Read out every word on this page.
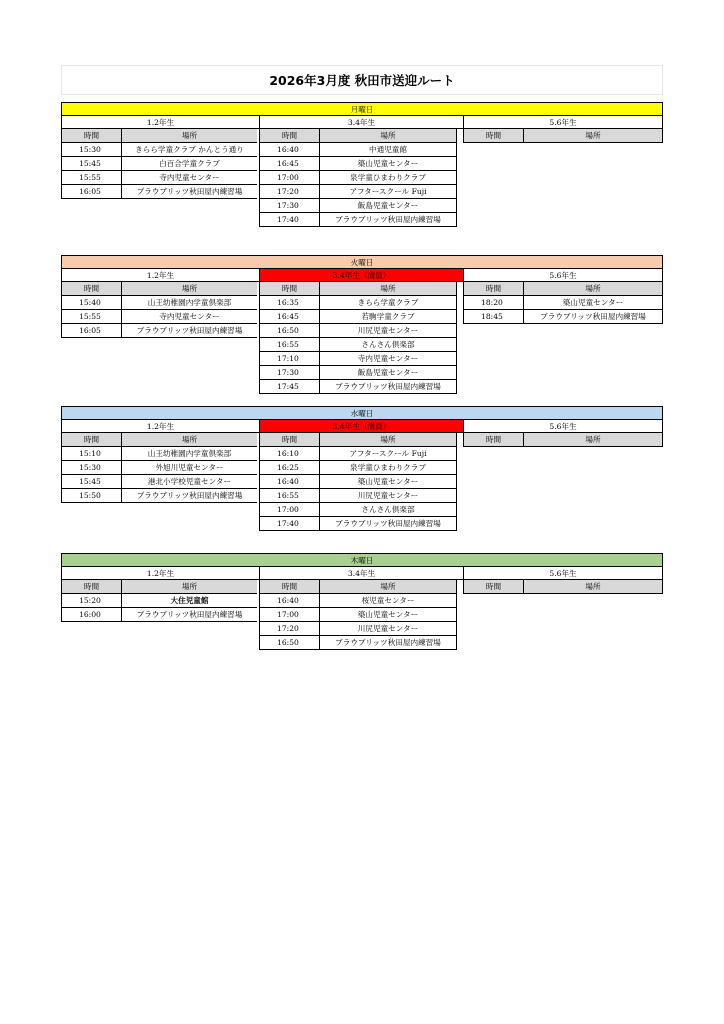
2026年3月度 秋田市送迎ルート
月曜日
1.2年生	3.4年生	5.6年生
時間	場所
15:30	きらら学童クラブ かんとう通り
15:45	白百合学童クラブ
15:55	寺内児童センター
16:05	ブラウブリッツ秋田屋内練習場
時間	場所
16:40	中通児童館
16:45	築山児童センター
17:00	泉学童ひまわりクラブ
17:20	アフタースクール Fuji
17:30	飯島児童センター
17:40	ブラウブリッツ秋田屋内練習場
時間	場所
火曜日
1.2年生	3.4年生（満員）	5.6年生
時間	場所
15:40	山王幼稚園内学童倶楽部
15:55	寺内児童センター
16:05	ブラウブリッツ秋田屋内練習場
時間	場所
16:35	きらら学童クラブ
16:45	若駒学童クラブ
16:50	川尻児童センター
16:55	さんさん倶楽部
17:10	寺内児童センター
17:30	飯島児童センター
17:45	ブラウブリッツ秋田屋内練習場
時間	場所
18:20	築山児童センター
18:45	ブラウブリッツ秋田屋内練習場
水曜日
1.2年生	3.4年生（満員）	5.6年生
時間	場所
15:10	山王幼稚園内学童倶楽部
15:30	外旭川児童センター
15:45	港北小学校児童センター
15:50	ブラウブリッツ秋田屋内練習場
時間	場所
16:10	アフタースクール Fuji
16:25	泉学童ひまわりクラブ
16:40	築山児童センター
16:55	川尻児童センター
17:00	さんさん倶楽部
17:40	ブラウブリッツ秋田屋内練習場
時間	場所
木曜日
1.2年生	3.4年生	5.6年生
時間	場所
15:20	大住児童館
16:00	ブラウブリッツ秋田屋内練習場
時間	場所
16:40	桜児童センター
17:00	築山児童センター
17:20	川尻児童センター
16:50	ブラウブリッツ秋田屋内練習場
時間	場所
